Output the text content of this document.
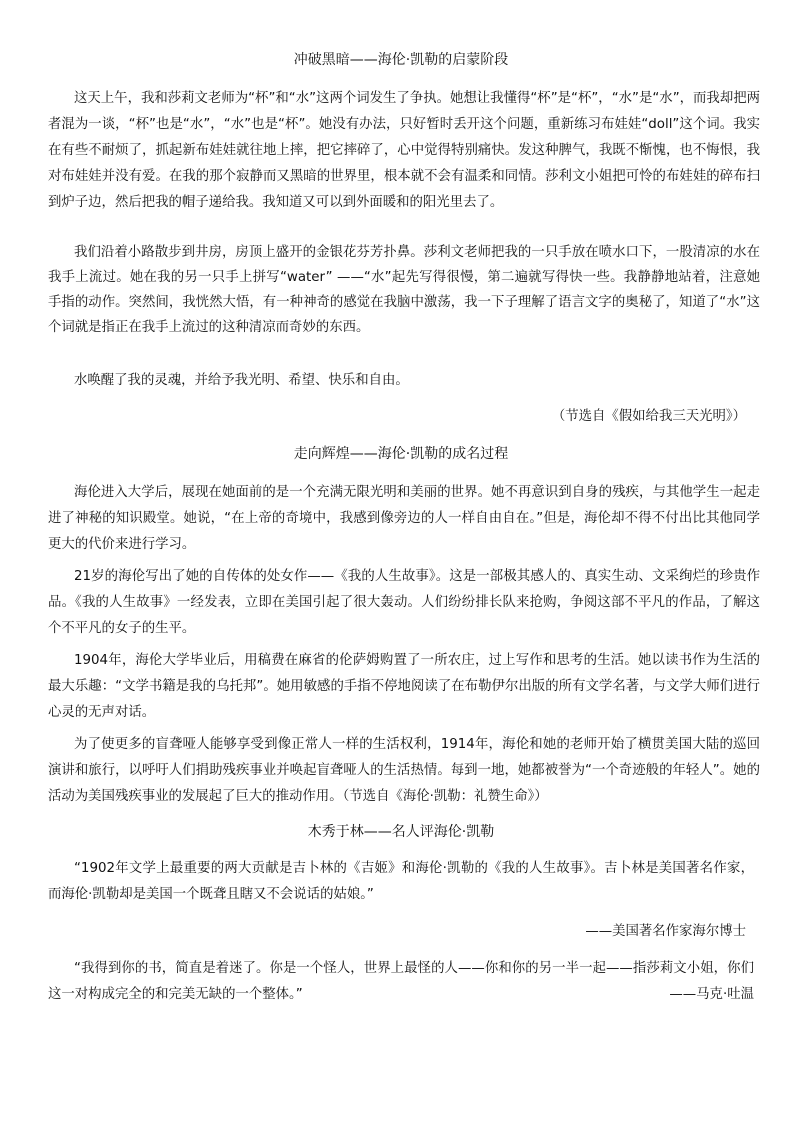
冲破黑暗——海伦·凯勒的启蒙阶段

这天上午，我和莎莉文老师为“杯”和“水”这两个词发生了争执。她想让我懂得“杯”是“杯”，“水”是“水”，而我却把两者混为一谈，“杯”也是“水”，“水”也是“杯”。她没有办法，只好暂时丢开这个问题，重新练习布娃娃“doll”这个词。我实在有些不耐烦了，抓起新布娃娃就往地上摔，把它摔碎了，心中觉得特别痛快。发这种脾气，我既不惭愧，也不悔恨，我对布娃娃并没有爱。在我的那个寂静而又黑暗的世界里，根本就不会有温柔和同情。莎利文小姐把可怜的布娃娃的碎布扫到炉子边，然后把我的帽子递给我。我知道又可以到外面暖和的阳光里去了。

我们沿着小路散步到井房，房顶上盛开的金银花芬芳扑鼻。莎利文老师把我的一只手放在喷水口下，一股清凉的水在我手上流过。她在我的另一只手上拼写“water” ——“水”起先写得很慢，第二遍就写得快一些。我静静地站着，注意她手指的动作。突然间，我恍然大悟，有一种神奇的感觉在我脑中激荡，我一下子理解了语言文字的奥秘了，知道了“水”这个词就是指正在我手上流过的这种清凉而奇妙的东西。

水唤醒了我的灵魂，并给予我光明、希望、快乐和自由。

（节选自《假如给我三天光明》）
走向辉煌——海伦·凯勒的成名过程

海伦进入大学后，展现在她面前的是一个充满无限光明和美丽的世界。她不再意识到自身的残疾，与其他学生一起走进了神秘的知识殿堂。她说，“在上帝的奇境中，我感到像旁边的人一样自由自在。”但是，海伦却不得不付出比其他同学更大的代价来进行学习。

21岁的海伦写出了她的自传体的处女作——《我的人生故事》。这是一部极其感人的、真实生动、文采绚烂的珍贵作品。《我的人生故事》一经发表，立即在美国引起了很大轰动。人们纷纷排长队来抢购，争阅这部不平凡的作品，了解这个不平凡的女子的生平。

1904年，海伦大学毕业后，用稿费在麻省的伦萨姆购置了一所农庄，过上写作和思考的生活。她以读书作为生活的最大乐趣：“文学书籍是我的乌托邦”。她用敏感的手指不停地阅读了在布勒伊尔出版的所有文学名著，与文学大师们进行心灵的无声对话。

为了使更多的盲聋哑人能够享受到像正常人一样的生活权利，1914年，海伦和她的老师开始了横贯美国大陆的巡回演讲和旅行，以呼吁人们捐助残疾事业并唤起盲聋哑人的生活热情。每到一地，她都被誉为“一个奇迹般的年轻人”。她的活动为美国残疾事业的发展起了巨大的推动作用。（节选自《海伦·凯勒：礼赞生命》）

木秀于林——名人评海伦·凯勒

“1902年文学上最重要的两大贡献是吉卜林的《吉姬》和海伦·凯勒的《我的人生故事》。吉卜林是美国著名作家，而海伦·凯勒却是美国一个既聋且瞎又不会说话的姑娘。”

——美国著名作家海尔博士

“我得到你的书，简直是着迷了。你是一个怪人，世界上最怪的人——你和你的另一半一起——指莎莉文小姐，你们这一对构成完全的和完美无缺的一个整体。”	——马克·吐温
